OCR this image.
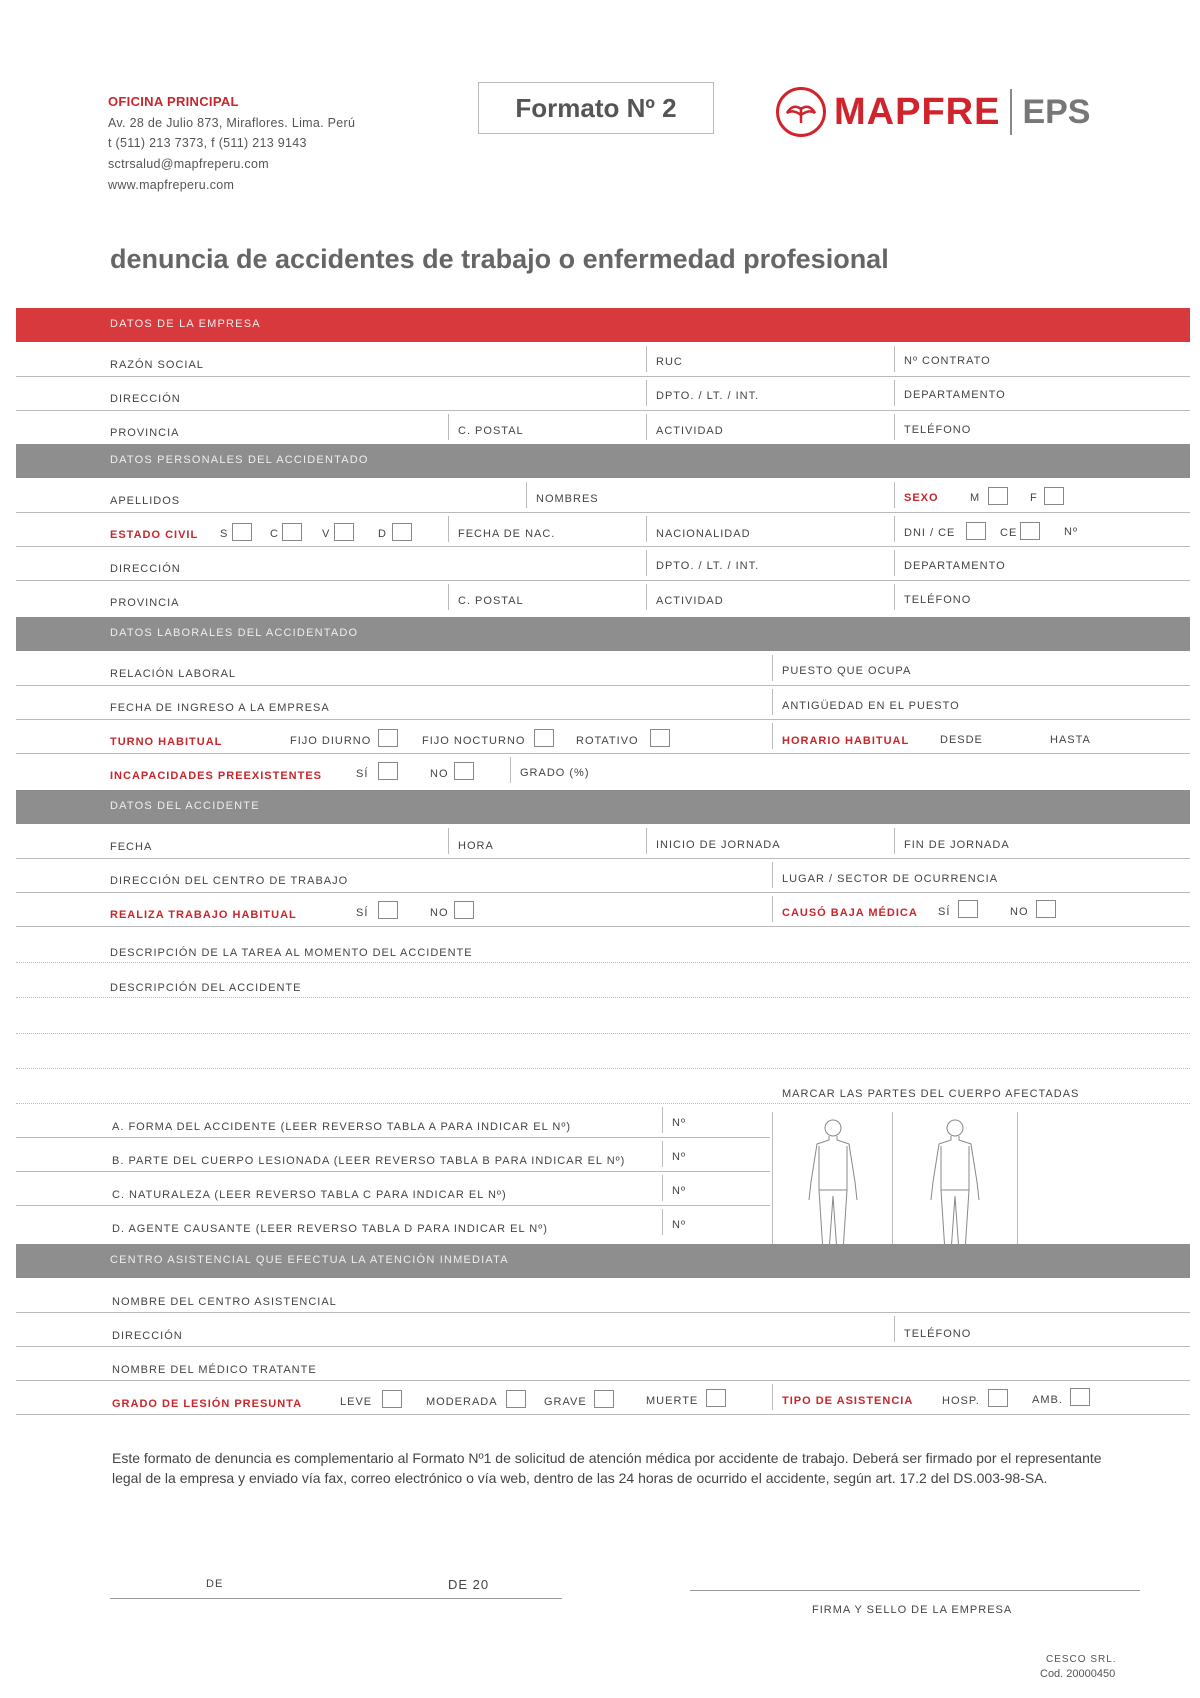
OFICINA PRINCIPAL
Av. 28 de Julio 873, Miraflores. Lima. Perú
t (511) 213 7373, f (511) 213 9143
sctrsalud@mapfreperu.com
www.mapfreperu.com
Formato Nº 2	MAPFRE EPS
denuncia de accidentes de trabajo o enfermedad profesional
DATOS DE LA EMPRESA
RAZÓN SOCIAL	RUC	Nº CONTRATO
DIRECCIÓN	DPTO. / LT. / INT.	DEPARTAMENTO
PROVINCIA	C. POSTAL	ACTIVIDAD	TELÉFONO
DATOS PERSONALES DEL ACCIDENTADO
APELLIDOS	NOMBRES	SEXO	M	F
ESTADO CIVIL S	C	V	D	FECHA DE NAC.	NACIONALIDAD	DNI / CE	CE	Nº
DIRECCIÓN	DPTO. / LT. / INT.	DEPARTAMENTO
PROVINCIA	C. POSTAL	ACTIVIDAD	TELÉFONO
DATOS LABORALES DEL ACCIDENTADO
RELACIÓN LABORAL	PUESTO QUE OCUPA
FECHA DE INGRESO A LA EMPRESA	ANTIGÜEDAD EN EL PUESTO
TURNO HABITUAL	FIJO DIURNO	FIJO NOCTURNO	ROTATIVO	HORARIO HABITUAL	DESDE	HASTA
INCAPACIDADES PREEXISTENTES	SÍ	NO	GRADO (%)
DATOS DEL ACCIDENTE
FECHA	HORA	INICIO DE JORNADA	FIN DE JORNADA
DIRECCIÓN DEL CENTRO DE TRABAJO	LUGAR / SECTOR DE OCURRENCIA
REALIZA TRABAJO HABITUAL	SÍ	NO	CAUSÓ BAJA MÉDICA SÍ	NO
DESCRIPCIÓN DE LA TAREA AL MOMENTO DEL ACCIDENTE
DESCRIPCIÓN DEL ACCIDENTE
MARCAR LAS PARTES DEL CUERPO AFECTADAS
A. FORMA DEL ACCIDENTE (LEER REVERSO TABLA A PARA INDICAR EL Nº)	Nº
B. PARTE DEL CUERPO LESIONADA (LEER REVERSO TABLA B PARA INDICAR EL Nº)	Nº
C. NATURALEZA (LEER REVERSO TABLA C PARA INDICAR EL Nº)	Nº
D. AGENTE CAUSANTE (LEER REVERSO TABLA D PARA INDICAR EL Nº)	Nº
CENTRO ASISTENCIAL QUE EFECTUA LA ATENCIÓN INMEDIATA
NOMBRE DEL CENTRO ASISTENCIAL
DIRECCIÓN	TELÉFONO
NOMBRE DEL MÉDICO TRATANTE
GRADO DE LESIÓN PRESUNTA	LEVE	MODERADA	GRAVE	MUERTE	TIPO DE ASISTENCIA	HOSP.	AMB.
Este formato de denuncia es complementario al Formato Nº1 de solicitud de atención médica por accidente de trabajo. Deberá ser firmado por el representante legal de la empresa y enviado vía fax, correo electrónico o vía web, dentro de las 24 horas de ocurrido el accidente, según art. 17.2 del DS.003-98-SA.
DE	DE 20
FIRMA Y SELLO DE LA EMPRESA
CESCO SRL.
Cod. 20000450
